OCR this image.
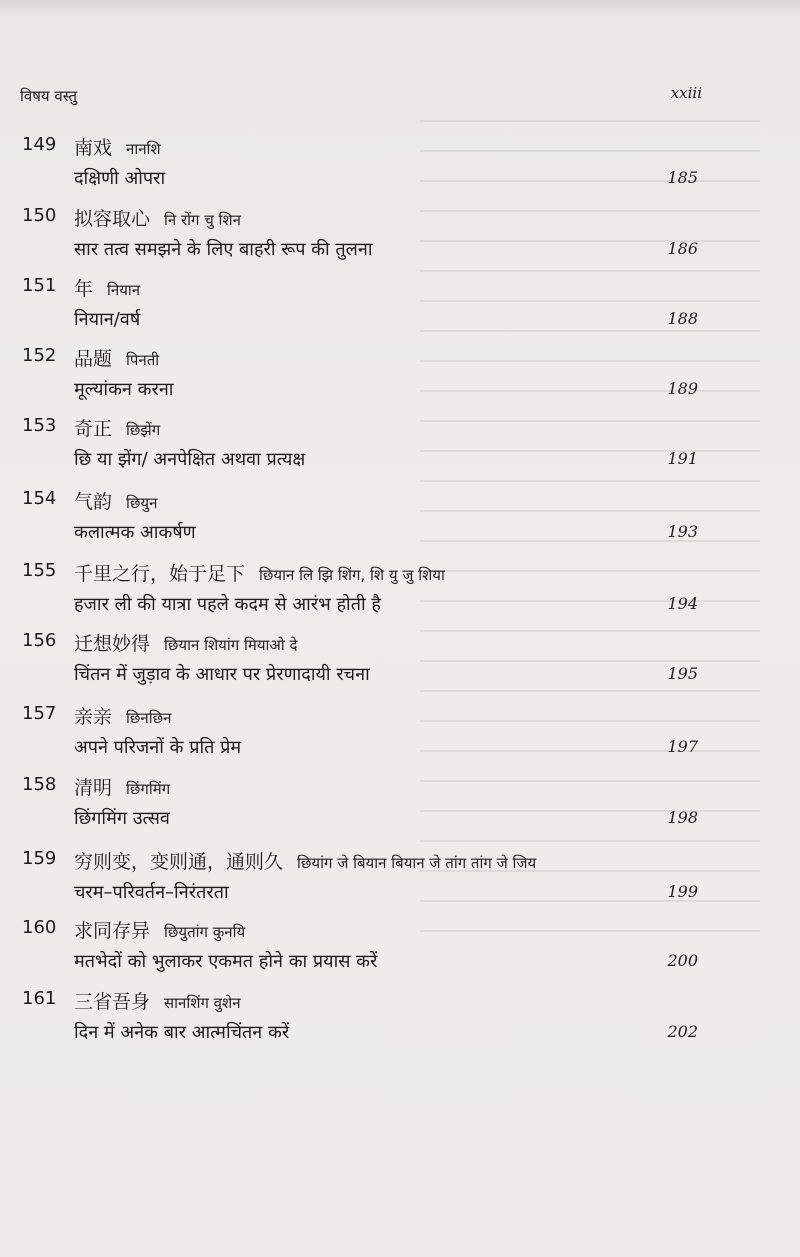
विषय वस्तु	xxiii
149 南戏 नानशि
दक्षिणी ओपरा	185
150 拟容取心 नि रोंग चु शिन
सार तत्व समझने के लिए बाहरी रूप की तुलना	186
151 年 नियान
नियान/वर्ष	188
152 品题 पिनती
मूल्यांकन करना	189
153 奇正 छिझेंग
छि या झेंग/ अनपेक्षित अथवा प्रत्यक्ष	191
154 气韵 छियुन
कलात्मक आकर्षण	193
155 千里之行，始于足下 छियान लि झि शिंग, शि यु जु शिया
हजार ली की यात्रा पहले कदम से आरंभ होती है	194
156 迁想妙得 छियान शियांग मियाओ दे
चिंतन में जुड़ाव के आधार पर प्रेरणादायी रचना	195
157 亲亲 छिनछिन
अपने परिजनों के प्रति प्रेम	197
158 清明 छिंगमिंग
छिंगमिंग उत्सव	198
159 穷则变，变则通，通则久 छियांग जे बियान बियान जे तांग तांग जे जिय
चरम–परिवर्तन–निरंतरता	199
160 求同存异 छियुतांग कुनयि
मतभेदों को भुलाकर एकमत होने का प्रयास करें	200
161 三省吾身 सानशिंग वुशेन
दिन में अनेक बार आत्मचिंतन करें	202
